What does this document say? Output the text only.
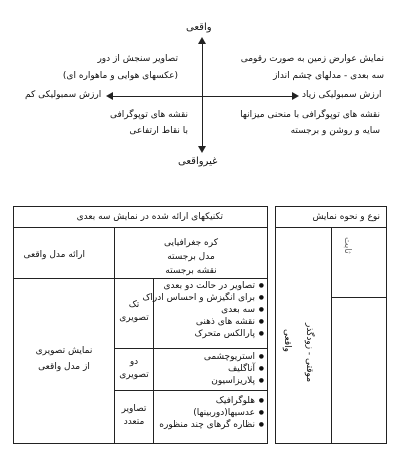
واقعی
غیرواقعی
ارزش سمبولیکی کم	ارزش سمبولیکی زیاد
تصاویر سنجش از دور
(عکسهای هوایی و ماهواره ای)
نمایش عوارض زمین به صورت رقومی
سه بعدی - مدلهای چشم انداز
نقشه های توپوگرافی
با نقاط ارتفاعی
نقشه های توپوگرافی با منحنی میزانها
سایه و روشن و برجسته
تکنیکهای ارائه شده در نمایش سه بعدی
ارائه مدل واقعی
کره جغرافیایی
مدل برجسته
نقشه برجسته
نمایش تصویری
از مدل واقعی
تک
تصویری
● تصاویر در حالت دو بعدی
● برای انگیزش و احساس ادراک
● سه بعدی
● نقشه های ذهنی
● پارالکس متحرک
دو
تصویری
● استریوچشمی
● آناگلیف
● پلاریزاسیون
تصاویر
متعدد
● هلوگرافیک
● عدسیها(دوربینها)
● نظاره گرهای چند منظوره
نوع و نحوه نمایش
ثابت
واقعی موقتی - زودگذر
